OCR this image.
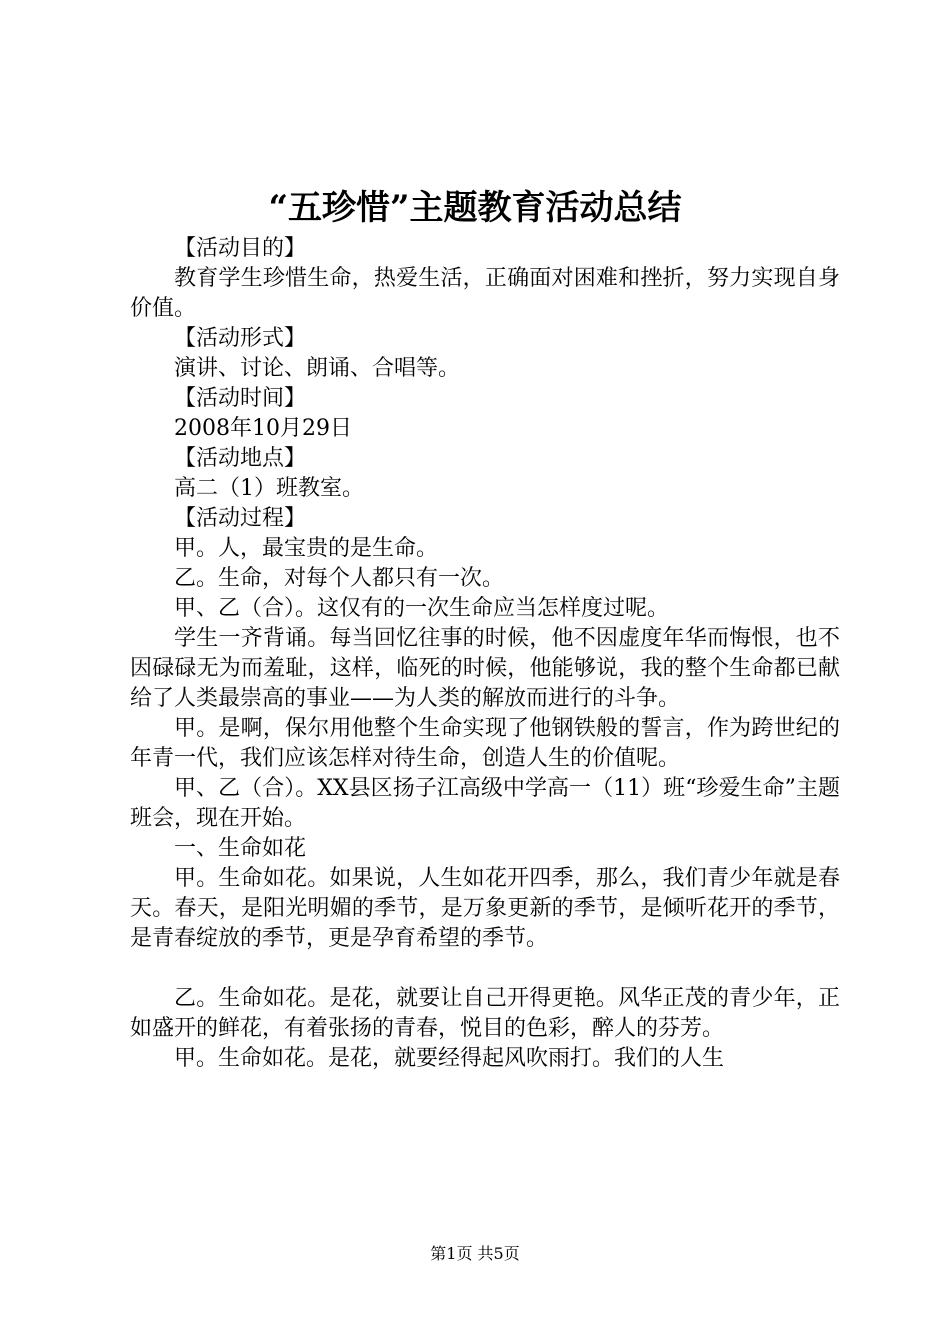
“五珍惜”主题教育活动总结

【活动目的】

教育学生珍惜生命，热爱生活，正确面对困难和挫折，努力实现自身价值。

【活动形式】

演讲、讨论、朗诵、合唱等。

【活动时间】

2008年10月29日

【活动地点】

高二（1）班教室。

【活动过程】

甲。人，最宝贵的是生命。

乙。生命，对每个人都只有一次。

甲、乙（合）。这仅有的一次生命应当怎样度过呢。

学生一齐背诵。每当回忆往事的时候，他不因虚度年华而悔恨，也不因碌碌无为而羞耻，这样，临死的时候，他能够说，我的整个生命都已献给了人类最崇高的事业——为人类的解放而进行的斗争。

甲。是啊，保尔用他整个生命实现了他钢铁般的誓言，作为跨世纪的年青一代，我们应该怎样对待生命，创造人生的价值呢。

甲、乙（合）。XX县区扬子江高级中学高一（11）班“珍爱生命”主题班会，现在开始。

一、生命如花

甲。生命如花。如果说，人生如花开四季，那么，我们青少年就是春天。春天，是阳光明媚的季节，是万象更新的季节，是倾听花开的季节，是青春绽放的季节，更是孕育希望的季节。

乙。生命如花。是花，就要让自己开得更艳。风华正茂的青少年，正如盛开的鲜花，有着张扬的青春，悦目的色彩，醉人的芬芳。

甲。生命如花。是花，就要经得起风吹雨打。我们的人生

第1页 共5页
